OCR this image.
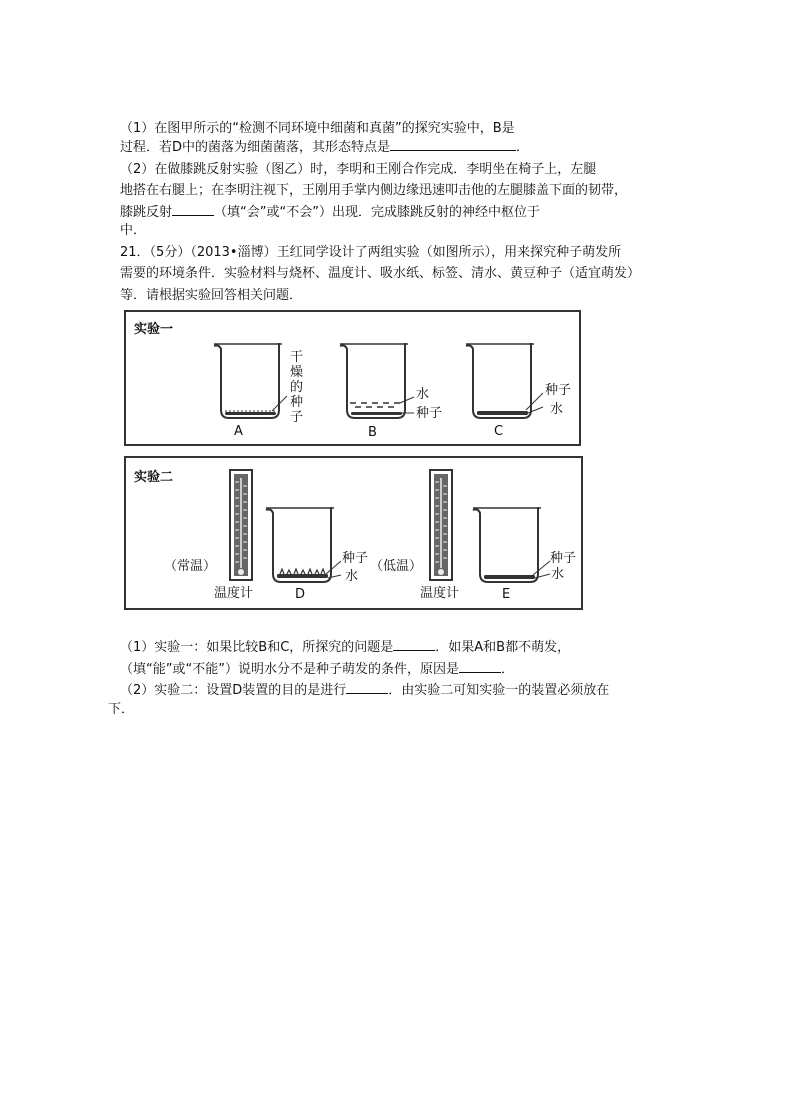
（1）在图甲所示的“检测不同环境中细菌和真菌”的探究实验中，B是
过程．若D中的菌落为细菌菌落，其形态特点是	．
（2）在做膝跳反射实验（图乙）时，李明和王刚合作完成．李明坐在椅子上，左腿
地搭在右腿上；在李明注视下，王刚用手掌内侧边缘迅速叩击他的左腿膝盖下面的韧带，
膝跳反射	（填“会”或“不会”）出现．完成膝跳反射的神经中枢位于
中．
21．（5分）（2013•淄博）王红同学设计了两组实验（如图所示），用来探究种子萌发所
需要的环境条件．实验材料与烧杯、温度计、吸水纸、标签、清水、黄豆种子（适宜萌发）
等．请根据实验回答相关问题．
实验一
实验二
干燥的种子
水
种子
种子
水
A	B	C
种子
水
种子
水
（常温）	（低温）
温度计	D	温度计	E
（1）实验一：如果比较B和C，所探究的问题是	．如果A和B都不萌发，
（填“能”或“不能”）说明水分不是种子萌发的条件，原因是	．
（2）实验二：设置D装置的目的是进行	．由实验二可知实验一的装置必须放在
下．
